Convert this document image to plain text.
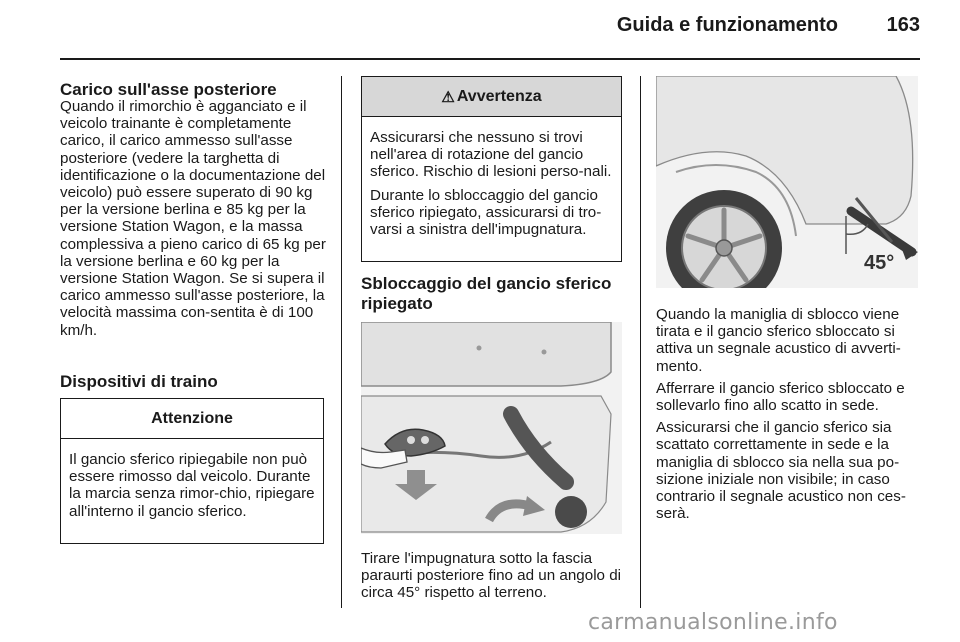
Guida e funzionamento	163
Carico sull'asse posteriore
Quando il rimorchio è agganciato e il veicolo trainante è completamente carico, il carico ammesso sull'asse posteriore (vedere la targhetta di identificazione o la documentazione del veicolo) può essere superato di 90 kg per la versione berlina e 85 kg per la versione Station Wagon, e la massa complessiva a pieno carico di 65 kg per la versione berlina e 60 kg per la versione Station Wagon. Se si supera il carico ammesso sull'asse posteriore, la velocità massima con-sentita è di 100 km/h.
Dispositivi di traino
Attenzione
Il gancio sferico ripiegabile non può essere rimosso dal veicolo. Durante la marcia senza rimor-chio, ripiegare all'interno il gancio sferico.
⚠ Avvertenza

Assicurarsi che nessuno si trovi nell'area di rotazione del gancio sferico. Rischio di lesioni perso-nali.

Durante lo sbloccaggio del gancio sferico ripiegato, assicurarsi di tro-varsi a sinistra dell'impugnatura.

Sbloccaggio del gancio sferico ripiegato
Tirare l'impugnatura sotto la fascia paraurti posteriore fino ad un angolo di circa 45° rispetto al terreno.
45°

Quando la maniglia di sblocco viene tirata e il gancio sferico sbloccato si attiva un segnale acustico di avverti-mento.

Afferrare il gancio sferico sbloccato e sollevarlo fino allo scatto in sede.

Assicurarsi che il gancio sferico sia scattato correttamente in sede e la maniglia di sblocco sia nella sua po-sizione iniziale non visibile; in caso contrario il segnale acustico non ces-serà.

carmanualsonline.info
